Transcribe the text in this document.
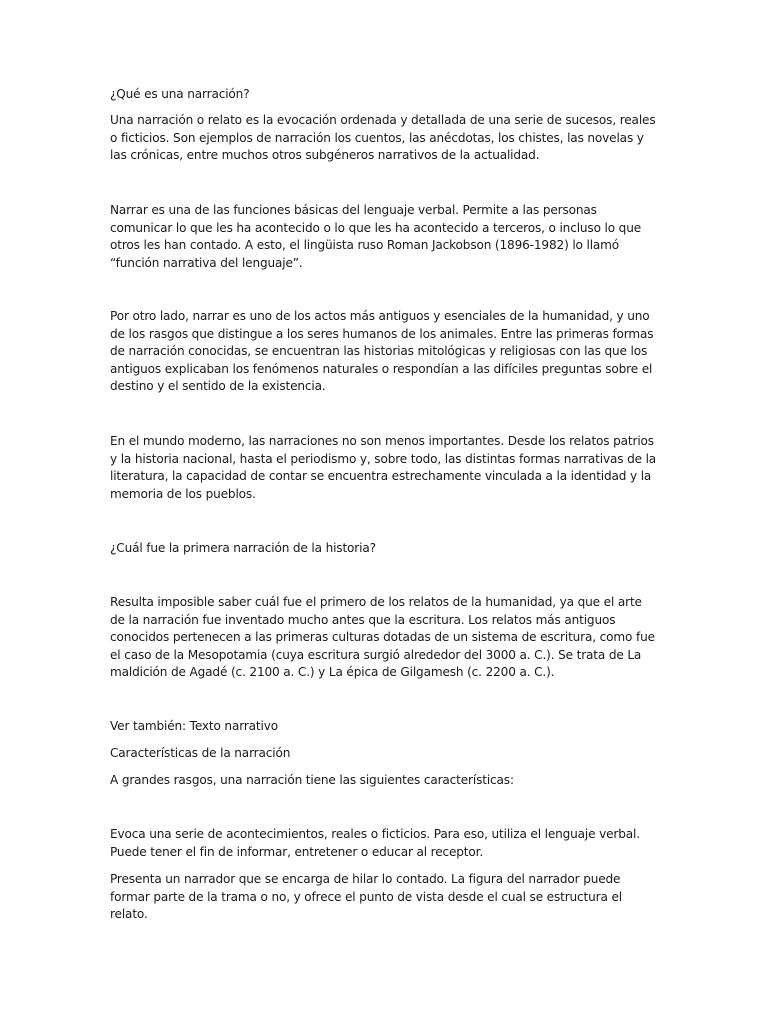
¿Qué es una narración?

Una narración o relato es la evocación ordenada y detallada de una serie de sucesos, reales o ficticios. Son ejemplos de narración los cuentos, las anécdotas, los chistes, las novelas y las crónicas, entre muchos otros subgéneros narrativos de la actualidad.

Narrar es una de las funciones básicas del lenguaje verbal. Permite a las personas comunicar lo que les ha acontecido o lo que les ha acontecido a terceros, o incluso lo que otros les han contado. A esto, el lingüista ruso Roman Jackobson (1896-1982) lo llamó “función narrativa del lenguaje”.

Por otro lado, narrar es uno de los actos más antiguos y esenciales de la humanidad, y uno de los rasgos que distingue a los seres humanos de los animales. Entre las primeras formas de narración conocidas, se encuentran las historias mitológicas y religiosas con las que los antiguos explicaban los fenómenos naturales o respondían a las difíciles preguntas sobre el destino y el sentido de la existencia.

En el mundo moderno, las narraciones no son menos importantes. Desde los relatos patrios y la historia nacional, hasta el periodismo y, sobre todo, las distintas formas narrativas de la literatura, la capacidad de contar se encuentra estrechamente vinculada a la identidad y la memoria de los pueblos.

¿Cuál fue la primera narración de la historia?

Resulta imposible saber cuál fue el primero de los relatos de la humanidad, ya que el arte de la narración fue inventado mucho antes que la escritura. Los relatos más antiguos conocidos pertenecen a las primeras culturas dotadas de un sistema de escritura, como fue el caso de la Mesopotamia (cuya escritura surgió alrededor del 3000 a. C.). Se trata de La maldición de Agadé (c. 2100 a. C.) y La épica de Gilgamesh (c. 2200 a. C.).

Ver también: Texto narrativo

Características de la narración

A grandes rasgos, una narración tiene las siguientes características:

Evoca una serie de acontecimientos, reales o ficticios. Para eso, utiliza el lenguaje verbal. Puede tener el fin de informar, entretener o educar al receptor.

Presenta un narrador que se encarga de hilar lo contado. La figura del narrador puede formar parte de la trama o no, y ofrece el punto de vista desde el cual se estructura el relato.
